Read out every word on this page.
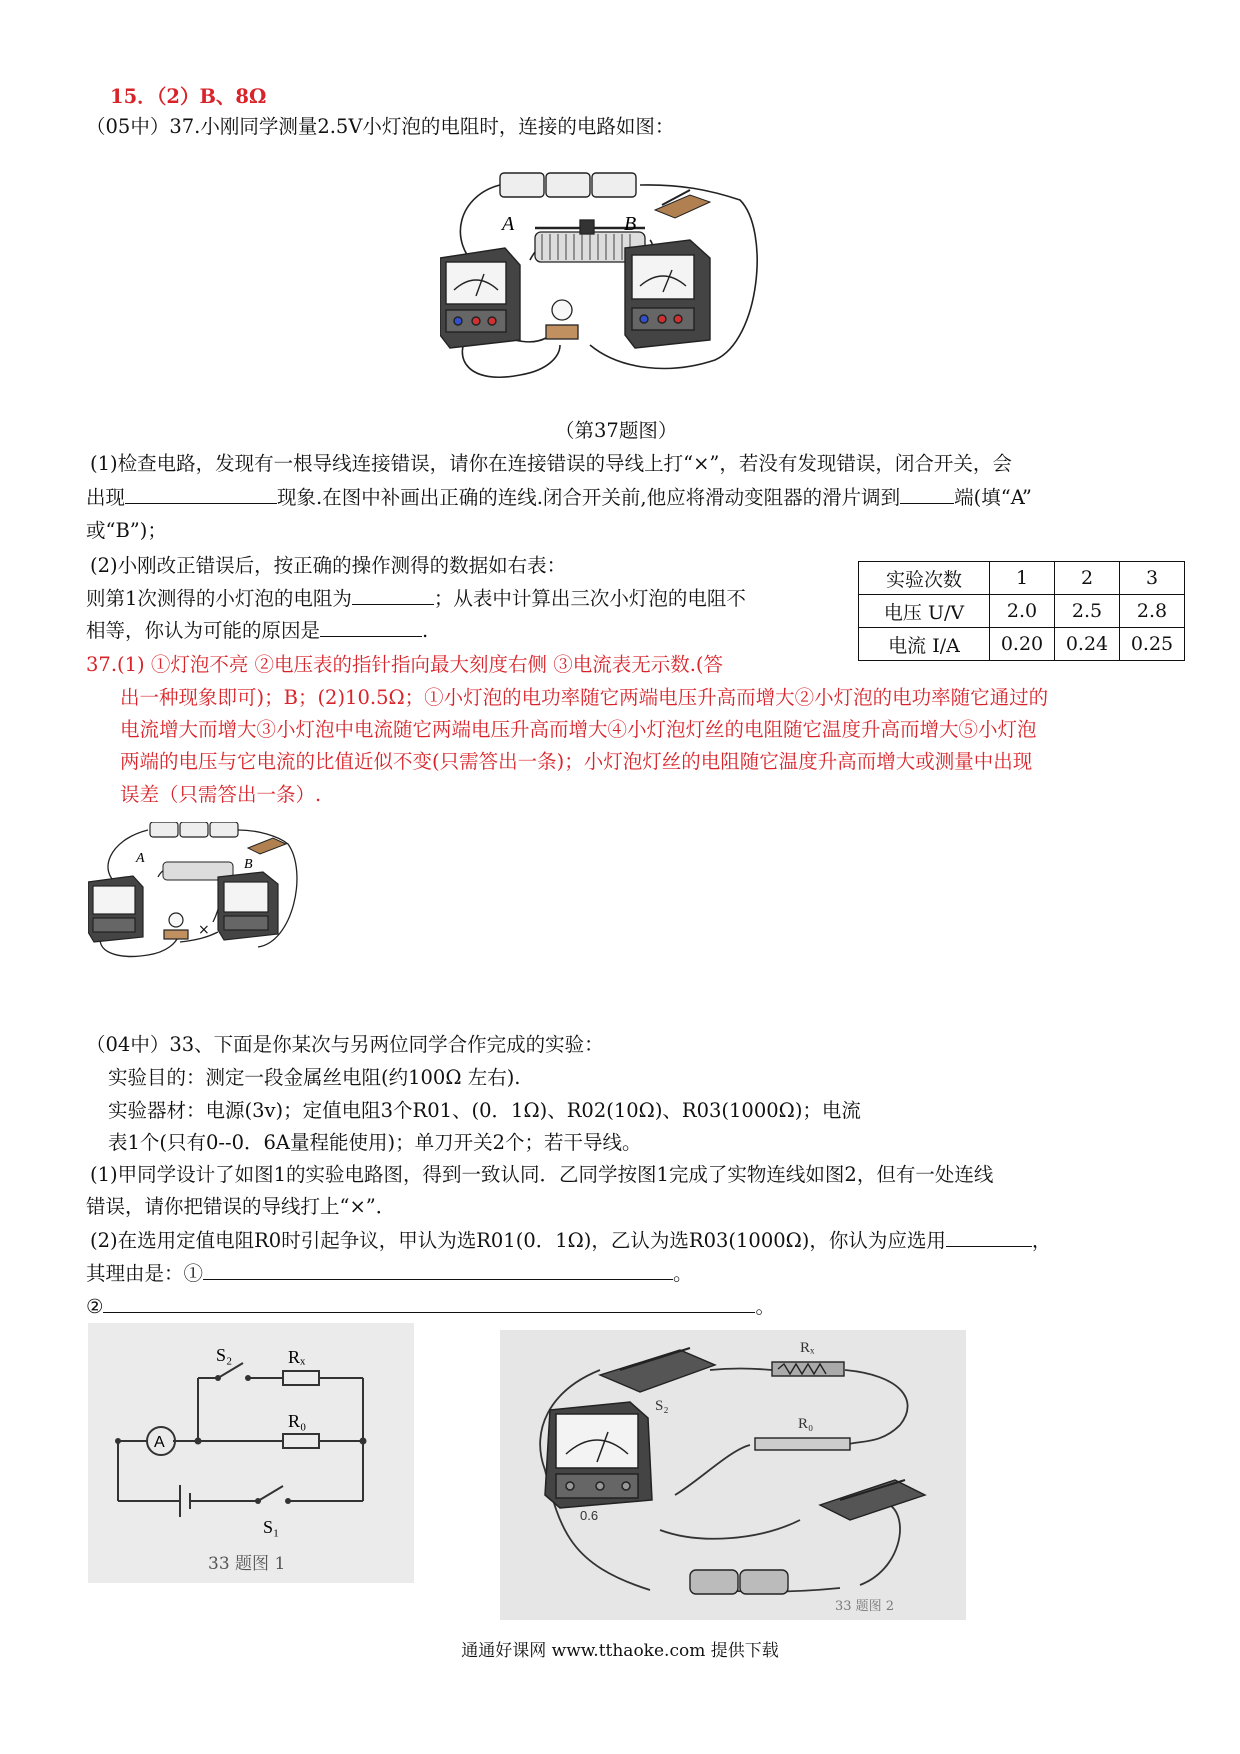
15．（2）B、8Ω
（05中）37.小刚同学测量2.5V小灯泡的电阻时，连接的电路如图：
A	B
（第37题图）
(1)检查电路，发现有一根导线连接错误，请你在连接错误的导线上打“×”，若没有发现错误，闭合开关，会
出现	现象.在图中补画出正确的连线.闭合开关前,他应将滑动变阻器的滑片调到	端(填“A”
或“B”)；
(2)小刚改正错误后，按正确的操作测得的数据如右表：
则第1次测得的小灯泡的电阻为	；从表中计算出三次小灯泡的电阻不
相等，你认为可能的原因是	.
实验次数	1	2	3
电压 U/V	2.0	2.5	2.8
电流 I/A	0.20	0.24	0.25
37.(1) ①灯泡不亮 ②电压表的指针指向最大刻度右侧 ③电流表无示数.(答
出一种现象即可)；B；(2)10.5Ω；①小灯泡的电功率随它两端电压升高而增大②小灯泡的电功率随它通过的
电流增大而增大③小灯泡中电流随它两端电压升高而增大④小灯泡灯丝的电阻随它温度升高而增大⑤小灯泡
两端的电压与它电流的比值近似不变(只需答出一条)；小灯泡灯丝的电阻随它温度升高而增大或测量中出现
误差（只需答出一条）.
×
A	B
（04中）33、下面是你某次与另两位同学合作完成的实验：
实验目的：测定一段金属丝电阻(约100Ω 左右).
实验器材：电源(3v)；定值电阻3个R01、(0．1Ω)、R02(10Ω)、R03(1000Ω)；电流
表1个(只有0--0．6A量程能使用)；单刀开关2个；若干导线。
(1)甲同学设计了如图1的实验电路图，得到一致认同．乙同学按图1完成了实物连线如图2，但有一处连线
错误，请你把错误的导线打上“×”．
(2)在选用定值电阻R0时引起争议，甲认为选R01(0．1Ω)，乙认为选R03(1000Ω)，你认为应选用	，
其理由是：①	。
②	。
S₂	Rₓ
R₀
A
S₁
33 题图 1
Rₓ
S₂
R₀
0.6
33 题图 2
通通好课网 www.tthaoke.com 提供下载
